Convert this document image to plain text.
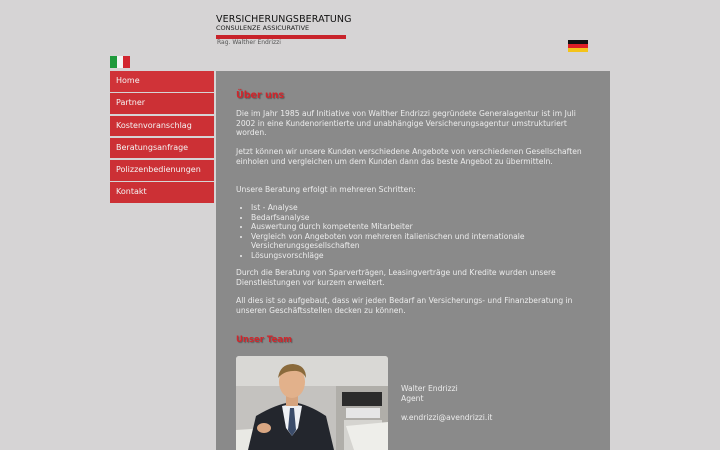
VERSICHERUNGSBERATUNG
CONSULENZE ASSICURATIVE
Rag. Walther Endrizzi
Home
Partner
Kostenvoranschlag
Beratungsanfrage
Polizzenbedienungen
Kontakt
Über uns

Die im Jahr 1985 auf Initiative von Walther Endrizzi gegründete Generalagentur ist im Juli 2002 in eine Kundenorientierte und unabhängige Versicherungsagentur umstrukturiert worden.

Jetzt können wir unsere Kunden verschiedene Angebote von verschiedenen Gesellschaften einholen und vergleichen um dem Kunden dann das beste Angebot zu übermitteln.

Unsere Beratung erfolgt in mehreren Schritten:

• Ist - Analyse
• Bedarfsanalyse
• Auswertung durch kompetente Mitarbeiter
• Vergleich von Angeboten von mehreren italienischen und internationale Versicherungsgesellschaften
• Lösungsvorschläge

Durch die Beratung von Sparverträgen, Leasingverträge und Kredite wurden unsere Dienstleistungen vor kurzem erweitert.

All dies ist so aufgebaut, dass wir jeden Bedarf an Versicherungs- und Finanzberatung in unseren Geschäftsstellen decken zu können.

Unser Team
Walter Endrizzi
Agent
w.endrizzi@avendrizzi.it
